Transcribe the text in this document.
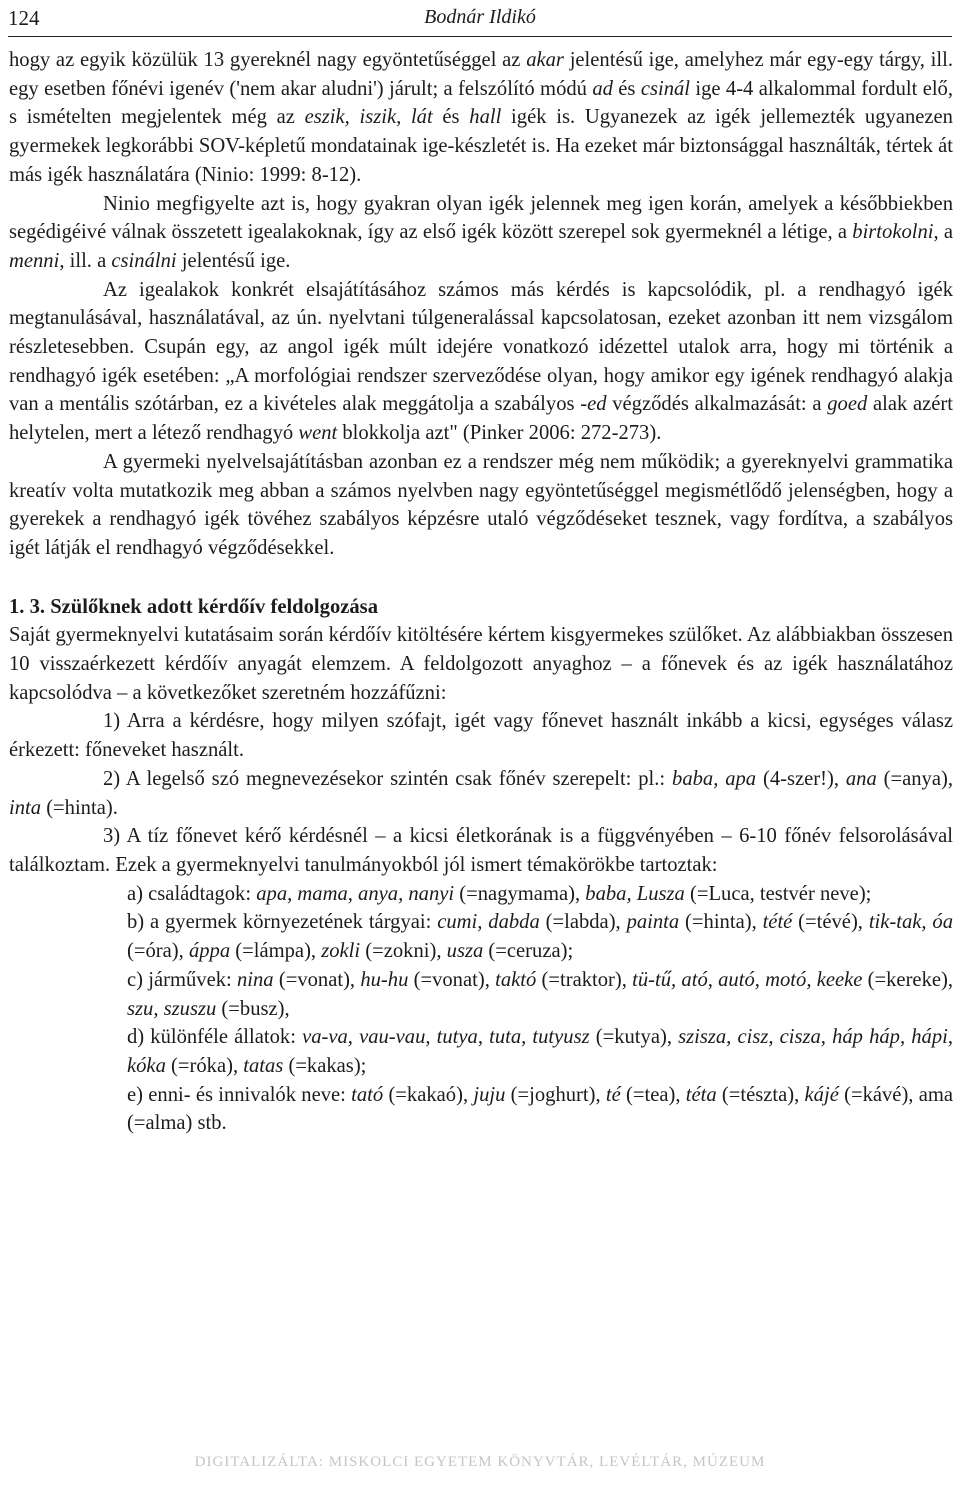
124	Bodnár Ildikó

hogy az egyik közülük 13 gyereknél nagy egyöntetűséggel az akar jelentésű ige, amelyhez már egy-egy tárgy, ill. egy esetben főnévi igenév ('nem akar aludni') járult; a felszólító módú ad és csinál ige 4-4 alkalommal fordult elő, s ismételten megjelentek még az eszik, iszik, lát és hall igék is. Ugyanezek az igék jellemezték ugyanezen gyermekek legkorábbi SOV-képletű mondatainak ige-készletét is. Ha ezeket már biztonsággal használták, tértek át más igék használatára (Ninio: 1999: 8-12).

Ninio megfigyelte azt is, hogy gyakran olyan igék jelennek meg igen korán, amelyek a későbbiekben segédigéivé válnak összetett igealakoknak, így az első igék között szerepel sok gyermeknél a létige, a birtokolni, a menni, ill. a csinálni jelentésű ige.

Az igealakok konkrét elsajátításához számos más kérdés is kapcsolódik, pl. a rendhagyó igék megtanulásával, használatával, az ún. nyelvtani túlgeneralással kapcsolatosan, ezeket azonban itt nem vizsgálom részletesebben. Csupán egy, az angol igék múlt idejére vonatkozó idézettel utalok arra, hogy mi történik a rendhagyó igék esetében: „A morfológiai rendszer szerveződése olyan, hogy amikor egy igének rendhagyó alakja van a mentális szótárban, ez a kivételes alak meggátolja a szabályos -ed végződés alkalmazását: a goed alak azért helytelen, mert a létező rendhagyó went blokkolja azt" (Pinker 2006: 272-273).

A gyermeki nyelvelsajátításban azonban ez a rendszer még nem működik; a gyereknyelvi grammatika kreatív volta mutatkozik meg abban a számos nyelvben nagy egyöntetűséggel megismétlődő jelenségben, hogy a gyerekek a rendhagyó igék tövéhez szabályos képzésre utaló végződéseket tesznek, vagy fordítva, a szabályos igét látják el rendhagyó végződésekkel.

1. 3. Szülőknek adott kérdőív feldolgozása

Saját gyermeknyelvi kutatásaim során kérdőív kitöltésére kértem kisgyermekes szülőket. Az alábbiakban összesen 10 visszaérkezett kérdőív anyagát elemzem. A feldolgozott anyaghoz – a főnevek és az igék használatához kapcsolódva – a következőket szeretném hozzáfűzni:

1) Arra a kérdésre, hogy milyen szófajt, igét vagy főnevet használt inkább a kicsi, egységes válasz érkezett: főneveket használt.

2) A legelső szó megnevezésekor szintén csak főnév szerepelt: pl.: baba, apa (4-szer!), ana (=anya), inta (=hinta).

3) A tíz főnevet kérő kérdésnél – a kicsi életkorának is a függvényében – 6-10 főnév felsorolásával találkoztam. Ezek a gyermeknyelvi tanulmányokból jól ismert témakörökbe tartoztak:

a) családtagok: apa, mama, anya, nanyi (=nagymama), baba, Lusza (=Luca, testvér neve);

b) a gyermek környezetének tárgyai: cumi, dabda (=labda), painta (=hinta), tété (=tévé), tik-tak, óa (=óra), áppa (=lámpa), zokli (=zokni), usza (=ceruza);

c) járművek: nina (=vonat), hu-hu (=vonat), taktó (=traktor), tü-tű, ató, autó, motó, keeke (=kereke), szu, szuszu (=busz),

d) különféle állatok: va-va, vau-vau, tutya, tuta, tutyusz (=kutya), szisza, cisz, cisza, háp háp, hápi, kóka (=róka), tatas (=kakas);

e) enni- és innivalók neve: tató (=kakaó), juju (=joghurt), té (=tea), téta (=tészta), kájé (=kávé), ama (=alma) stb.

DIGITALIZÁLTA: MISKOLCI EGYETEM KÖNYVTÁR, LEVÉLTÁR, MÚZEUM
